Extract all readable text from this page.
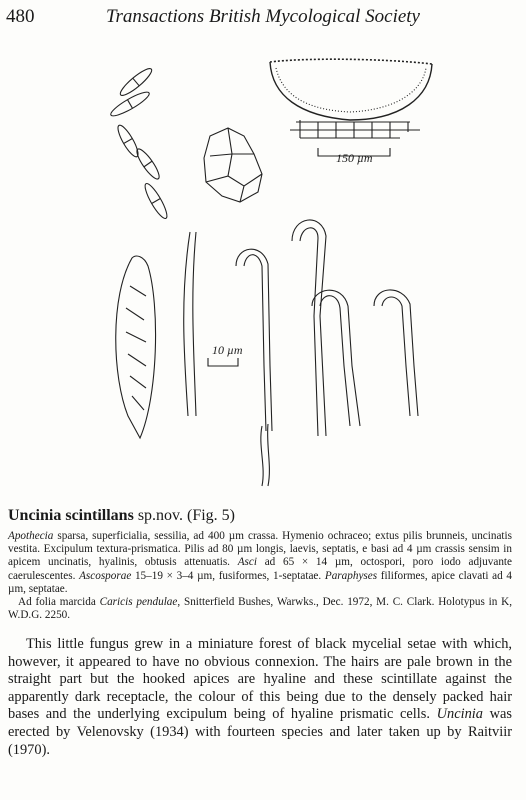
480	Transactions British Mycological Society
150 µm
10 µm
Uncinia scintillans sp.nov. (Fig. 5)

Apothecia sparsa, superficialia, sessilia, ad 400 µm crassa. Hymenio ochraceo; extus pilis brunneis, uncinatis vestita. Excipulum textura-prismatica. Pilis ad 80 µm longis, laevis, septatis, e basi ad 4 µm crassis sensim in apicem uncinatis, hyalinis, obtusis attenuatis. Asci ad 65 × 14 µm, octospori, poro iodo adjuvante caerulescentes. Ascosporae 15–19 × 3–4 µm, fusiformes, 1-septatae. Paraphyses filiformes, apice clavati ad 4 µm, septatae.

Ad folia marcida Caricis pendulae, Snitterfield Bushes, Warwks., Dec. 1972, M. C. Clark. Holotypus in K, W.D.G. 2250.

This little fungus grew in a miniature forest of black mycelial setae with which, however, it appeared to have no obvious connexion. The hairs are pale brown in the straight part but the hooked apices are hyaline and these scintillate against the apparently dark receptacle, the colour of this being due to the densely packed hair bases and the underlying excipulum being of hyaline prismatic cells. Uncinia was erected by Velenovsky (1934) with fourteen species and later taken up by Raitviir (1970).
